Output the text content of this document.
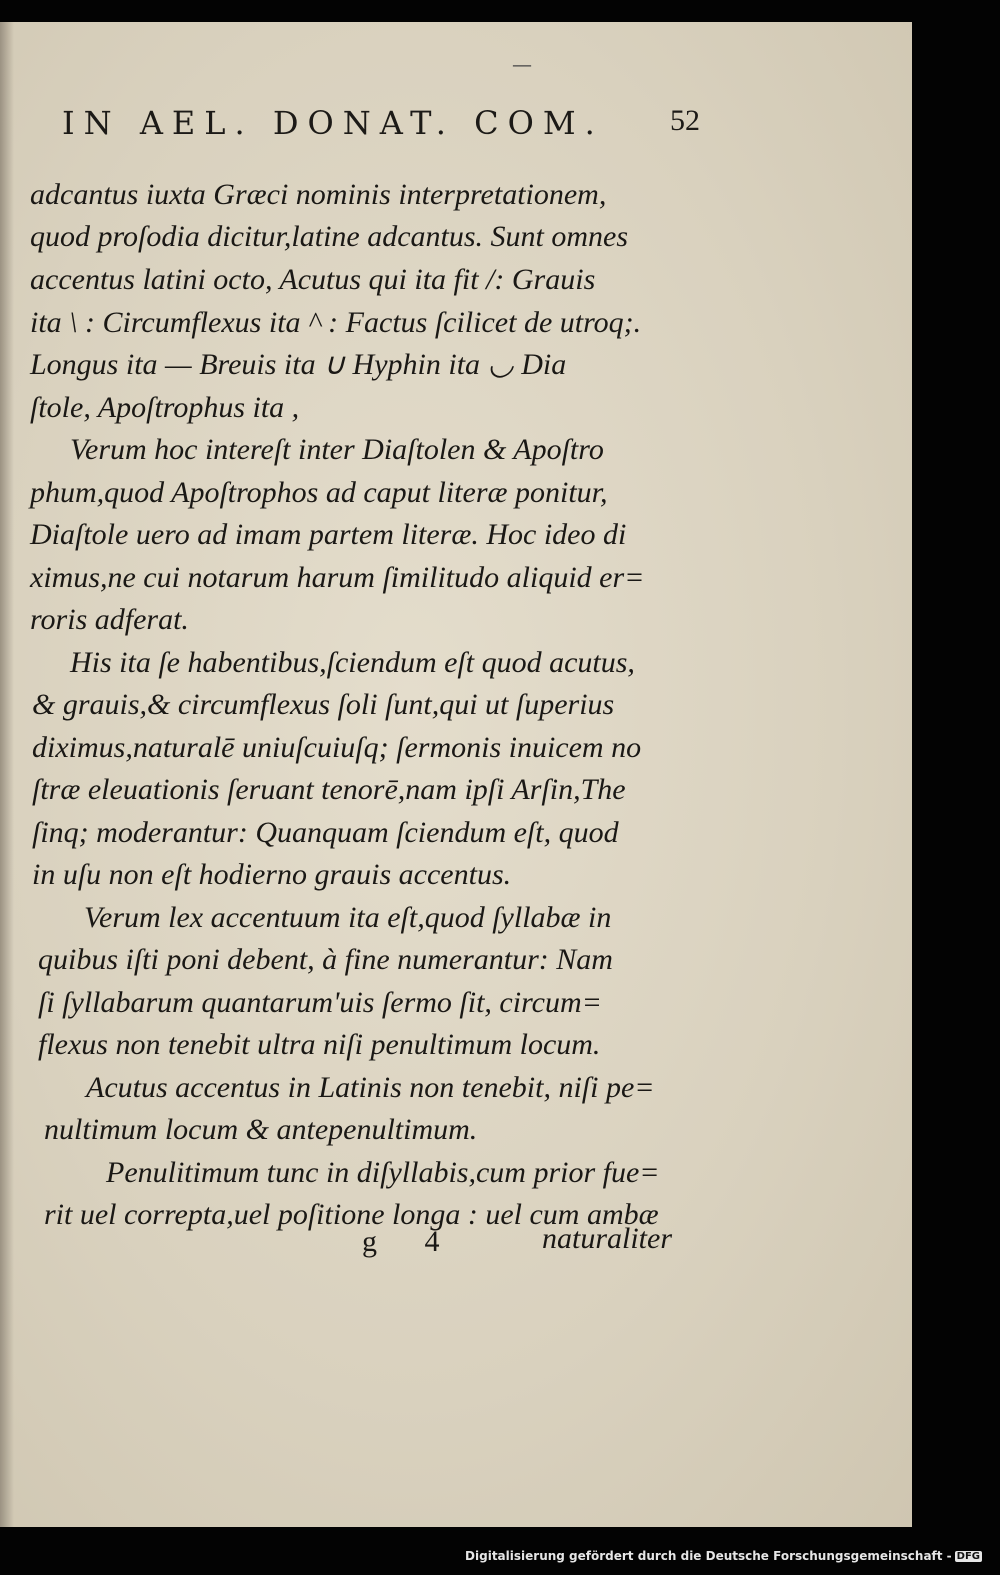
—
IN AEL. DONAT. COM. 52
adcantus iuxta Græci nominis interpretationem,
quod proſodia dicitur,latine adcantus. Sunt omnes
accentus latini octo, Acutus qui ita fit /: Grauis
ita \ : Circumflexus ita ^ : Factus ſcilicet de utroq;.
Longus ita — Breuis ita ∪ Hyphin ita ◡ Dia
ſtole, Apoſtrophus ita ,
Verum hoc intereſt inter Diaſtolen & Apoſtro
phum,quod Apoſtrophos ad caput literæ ponitur,
Diaſtole uero ad imam partem literæ. Hoc ideo di
ximus,ne cui notarum harum ſimilitudo aliquid er=
roris adferat.
His ita ſe habentibus,ſciendum eſt quod acutus,
& grauis,& circumflexus ſoli ſunt,qui ut ſuperius
diximus,naturalē uniuſcuiuſq; ſermonis inuicem no
ſtræ eleuationis ſeruant tenorē,nam ipſi Arſin,The
ſinq; moderantur: Quanquam ſciendum eſt, quod
in uſu non eſt hodierno grauis accentus.
Verum lex accentuum ita eſt,quod ſyllabæ in
quibus iſti poni debent, à fine numerantur: Nam
ſi ſyllabarum quantarum'uis ſermo ſit, circum=
flexus non tenebit ultra niſi penultimum locum.
Acutus accentus in Latinis non tenebit, niſi pe=
nultimum locum & antepenultimum.
Penulitimum tunc in diſyllabis,cum prior fue=
rit uel correpta,uel poſitione longa : uel cum ambæ
g 4	naturaliter
Digitalisierung gefördert durch die Deutsche Forschungsgemeinschaft - DFG
